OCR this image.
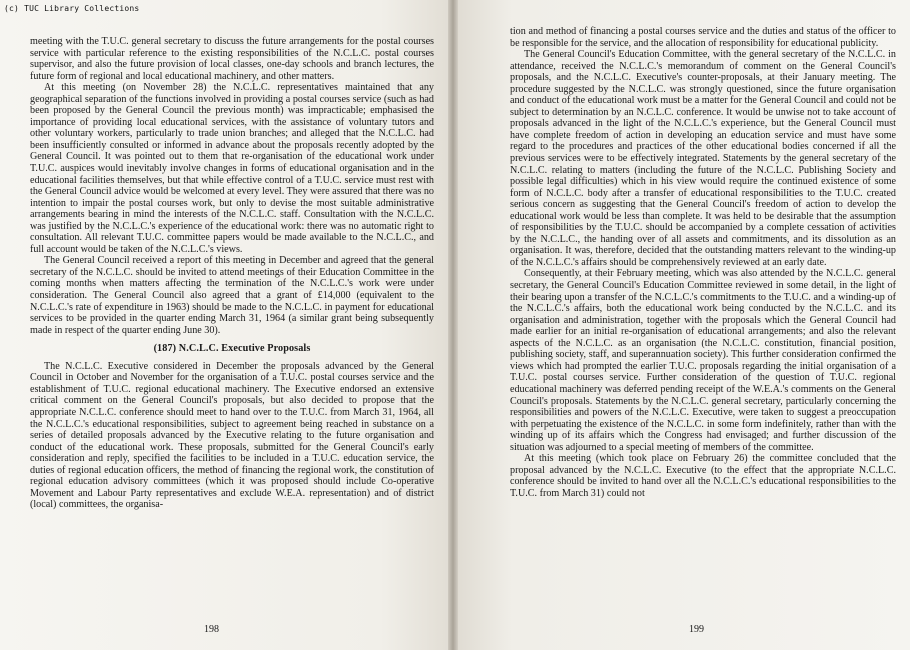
(c) TUC Library Collections

meeting with the T.U.C. general secretary to discuss the future arrangements for the postal courses service with particular reference to the existing responsibilities of the N.C.L.C. postal courses supervisor, and also the future provision of local classes, one-day schools and branch lectures, the future form of regional and local educational machinery, and other matters.

At this meeting (on November 28) the N.C.L.C. representatives maintained that any geographical separation of the functions involved in providing a postal courses service (such as had been proposed by the General Council the previous month) was impracticable; emphasised the importance of providing local educational services, with the assistance of voluntary tutors and other voluntary workers, particularly to trade union branches; and alleged that the N.C.L.C. had been insufficiently consulted or informed in advance about the proposals recently adopted by the General Council. It was pointed out to them that re-organisation of the educational work under T.U.C. auspices would inevitably involve changes in forms of educational organisation and in the educational facilities themselves, but that while effective control of a T.U.C. service must rest with the General Council advice would be welcomed at every level. They were assured that there was no intention to impair the postal courses work, but only to devise the most suitable administrative arrangements bearing in mind the interests of the N.C.L.C. staff. Consultation with the N.C.L.C. was justified by the N.C.L.C.'s experience of the educational work: there was no automatic right to consultation. All relevant T.U.C. committee papers would be made available to the N.C.L.C., and full account would be taken of the N.C.L.C.'s views.

The General Council received a report of this meeting in December and agreed that the general secretary of the N.C.L.C. should be invited to attend meetings of their Education Committee in the coming months when matters affecting the termination of the N.C.L.C.'s work were under consideration. The General Council also agreed that a grant of £14,000 (equivalent to the N.C.L.C.'s rate of expenditure in 1963) should be made to the N.C.L.C. in payment for educational services to be provided in the quarter ending March 31, 1964 (a similar grant being subsequently made in respect of the quarter ending June 30).

(187) N.C.L.C. Executive Proposals

The N.C.L.C. Executive considered in December the proposals advanced by the General Council in October and November for the organisation of a T.U.C. postal courses service and the establishment of T.U.C. regional educational machinery. The Executive endorsed an extensive critical comment on the General Council's proposals, but also decided to propose that the appropriate N.C.L.C. conference should meet to hand over to the T.U.C. from March 31, 1964, all the N.C.L.C.'s educational responsibilities, subject to agreement being reached in substance on a series of detailed proposals advanced by the Executive relating to the future organisation and conduct of the educational work. These proposals, submitted for the General Council's early consideration and reply, specified the facilities to be included in a T.U.C. education service, the duties of regional education officers, the method of financing the regional work, the constitution of regional education advisory committees (which it was proposed should include Co-operative Movement and Labour Party representatives and exclude W.E.A. representation) and of district (local) committees, the organisa-

198

tion and method of financing a postal courses service and the duties and status of the officer to be responsible for the service, and the allocation of responsibility for educational publicity.

The General Council's Education Committee, with the general secretary of the N.C.L.C. in attendance, received the N.C.L.C.'s memorandum of comment on the General Council's proposals, and the N.C.L.C. Executive's counter-proposals, at their January meeting. The procedure suggested by the N.C.L.C. was strongly questioned, since the future organisation and conduct of the educational work must be a matter for the General Council and could not be subject to determination by an N.C.L.C. conference. It would be unwise not to take account of proposals advanced in the light of the N.C.L.C.'s experience, but the General Council must have complete freedom of action in developing an education service and must have some regard to the procedures and practices of the other educational bodies concerned if all the previous services were to be effectively integrated. Statements by the general secretary of the N.C.L.C. relating to matters (including the future of the N.C.L.C. Publishing Society and possible legal difficulties) which in his view would require the continued existence of some form of N.C.L.C. body after a transfer of educational responsibilities to the T.U.C. created serious concern as suggesting that the General Council's freedom of action to develop the educational work would be less than complete. It was held to be desirable that the assumption of responsibilities by the T.U.C. should be accompanied by a complete cessation of activities by the N.C.L.C., the handing over of all assets and commitments, and its dissolution as an organisation. It was, therefore, decided that the outstanding matters relevant to the winding-up of the N.C.L.C.'s affairs should be comprehensively reviewed at an early date.

Consequently, at their February meeting, which was also attended by the N.C.L.C. general secretary, the General Council's Education Committee reviewed in some detail, in the light of their bearing upon a transfer of the N.C.L.C.'s commitments to the T.U.C. and a winding-up of the N.C.L.C.'s affairs, both the educational work being conducted by the N.C.L.C. and its organisation and administration, together with the proposals which the General Council had made earlier for an initial re-organisation of educational arrangements; and also the relevant aspects of the N.C.L.C. as an organisation (the N.C.L.C. constitution, financial position, publishing society, staff, and superannuation society). This further consideration confirmed the views which had prompted the earlier T.U.C. proposals regarding the initial organisation of a T.U.C. postal courses service. Further consideration of the question of T.U.C. regional educational machinery was deferred pending receipt of the W.E.A.'s comments on the General Council's proposals. Statements by the N.C.L.C. general secretary, particularly concerning the responsibilities and powers of the N.C.L.C. Executive, were taken to suggest a preoccupation with perpetuating the existence of the N.C.L.C. in some form indefinitely, rather than with the winding up of its affairs which the Congress had envisaged; and further discussion of the situation was adjourned to a special meeting of members of the committee.

At this meeting (which took place on February 26) the committee concluded that the proposal advanced by the N.C.L.C. Executive (to the effect that the appropriate N.C.L.C. conference should be invited to hand over all the N.C.L.C.'s educational responsibilities to the T.U.C. from March 31) could not

199
